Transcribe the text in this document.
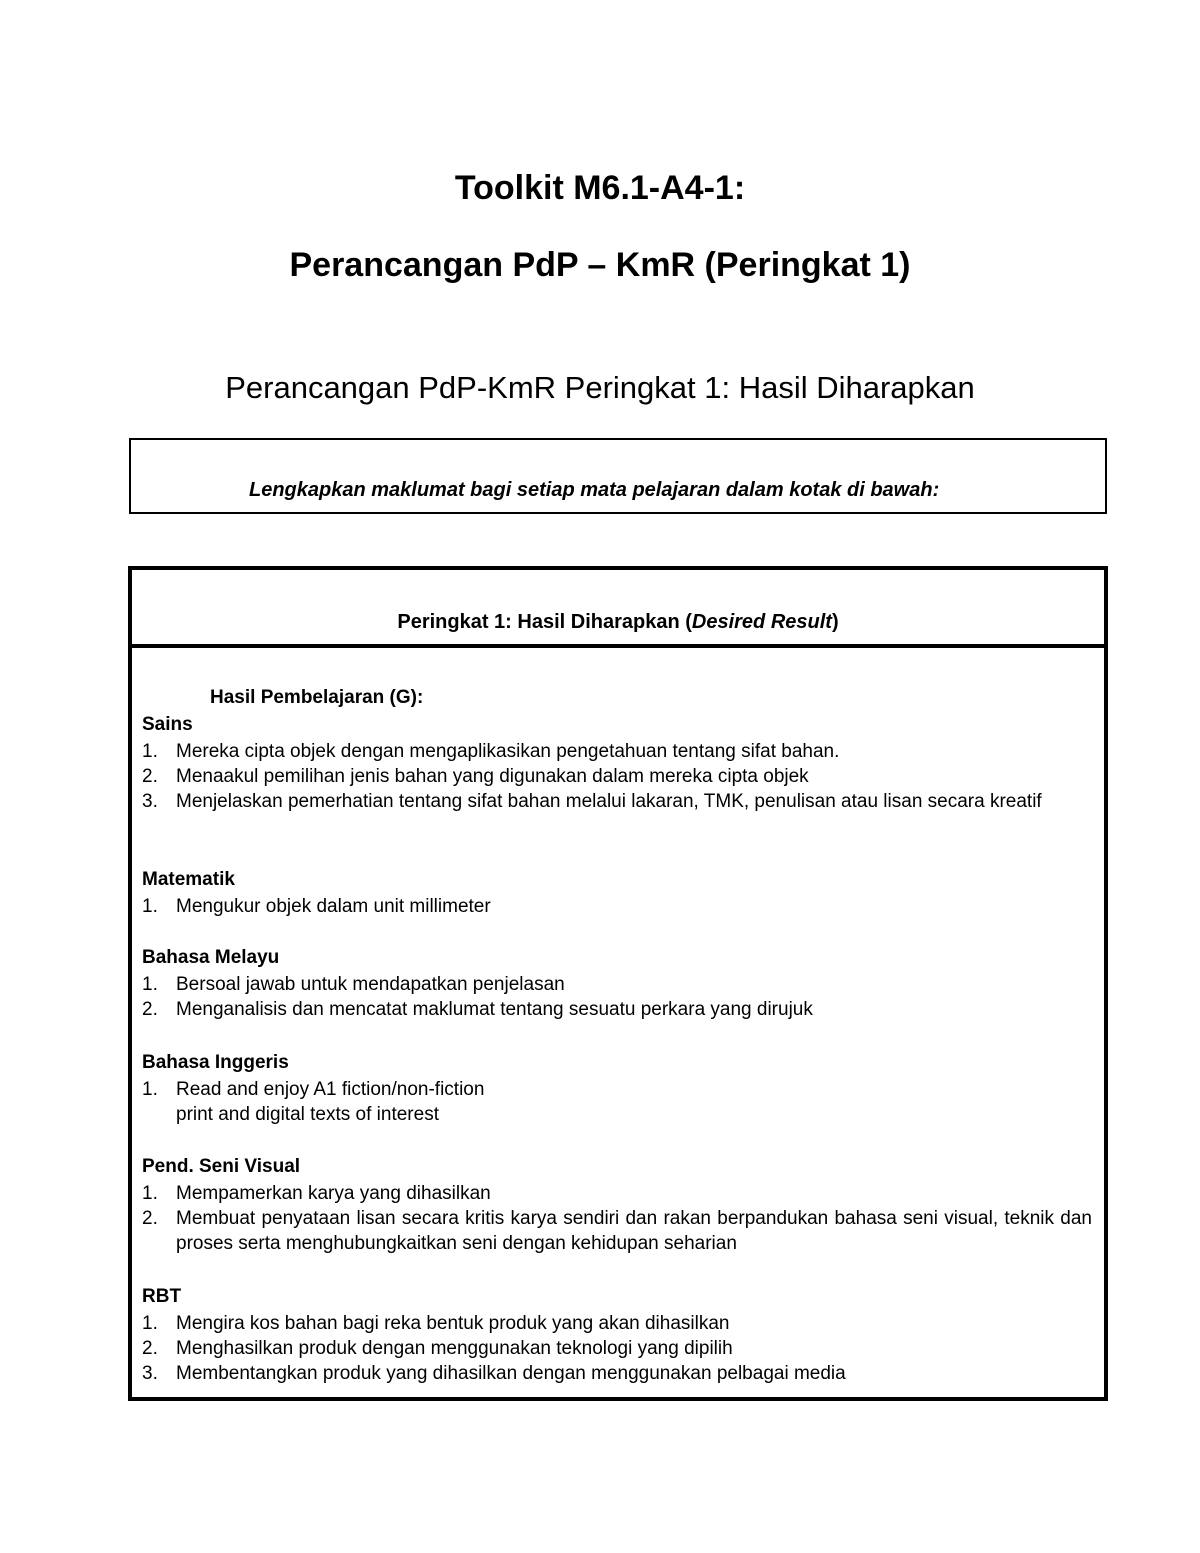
Toolkit M6.1-A4-1:
Perancangan PdP – KmR (Peringkat 1)
Perancangan PdP-KmR Peringkat 1: Hasil Diharapkan
Lengkapkan maklumat bagi setiap mata pelajaran dalam kotak di bawah:
Peringkat 1: Hasil Diharapkan (Desired Result)
Hasil Pembelajaran (G):
Sains
1. Mereka cipta objek dengan mengaplikasikan pengetahuan tentang sifat bahan.
2. Menaakul pemilihan jenis bahan yang digunakan dalam mereka cipta objek
3. Menjelaskan pemerhatian tentang sifat bahan melalui lakaran, TMK, penulisan atau lisan secara kreatif
Matematik
1. Mengukur objek dalam unit millimeter
Bahasa Melayu
1. Bersoal jawab untuk mendapatkan penjelasan
2. Menganalisis dan mencatat maklumat tentang sesuatu perkara yang dirujuk
Bahasa Inggeris
1. Read and enjoy A1 fiction/non-fiction
print and digital texts of interest
Pend. Seni Visual
1. Mempamerkan karya yang dihasilkan
2. Membuat penyataan lisan secara kritis karya sendiri dan rakan berpandukan bahasa seni visual, teknik dan proses serta menghubungkaitkan seni dengan kehidupan seharian
RBT
1. Mengira kos bahan bagi reka bentuk produk yang akan dihasilkan
2. Menghasilkan produk dengan menggunakan teknologi yang dipilih
3. Membentangkan produk yang dihasilkan dengan menggunakan pelbagai media
